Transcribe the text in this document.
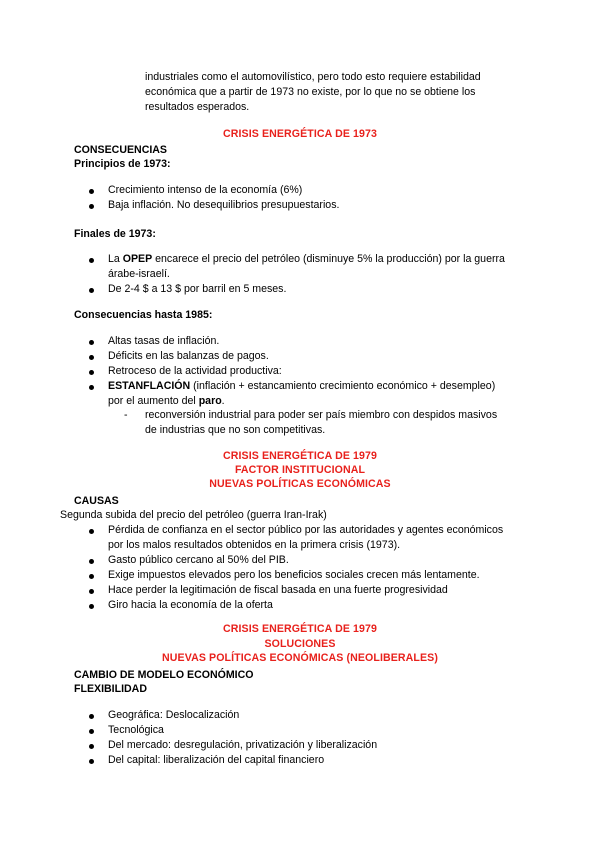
industriales como el automovilístico, pero todo esto requiere estabilidad

económica que a partir de 1973 no existe, por lo que no se obtiene los

resultados esperados.

CRISIS ENERGÉTICA DE 1973
CONSECUENCIAS
Principios de 1973:
Crecimiento intenso de la economía (6%)
Baja inflación. No desequilibrios presupuestarios.
Finales de 1973:
La OPEP encarece el precio del petróleo (disminuye 5% la producción) por la guerra
árabe-israelí.
De 2-4 $ a 13 $ por barril en 5 meses.
Consecuencias hasta 1985:
Altas tasas de inflación.
Déficits en las balanzas de pagos.
Retroceso de la actividad productiva:
ESTANFLACIÓN (inflación + estancamiento crecimiento económico + desempleo)
por el aumento del paro.
- reconversión industrial para poder ser país miembro con despidos masivos
de industrias que no son competitivas.
CRISIS ENERGÉTICA DE 1979
FACTOR INSTITUCIONAL
NUEVAS POLÍTICAS ECONÓMICAS
CAUSAS
Segunda subida del precio del petróleo (guerra Iran-Irak)
Pérdida de confianza en el sector público por las autoridades y agentes económicos
por los malos resultados obtenidos en la primera crisis (1973).
Gasto público cercano al 50% del PIB.
Exige impuestos elevados pero los beneficios sociales crecen más lentamente.
Hace perder la legitimación de fiscal basada en una fuerte progresividad
Giro hacia la economía de la oferta
CRISIS ENERGÉTICA DE 1979
SOLUCIONES
NUEVAS POLÍTICAS ECONÓMICAS (NEOLIBERALES)
CAMBIO DE MODELO ECONÓMICO
FLEXIBILIDAD
Geográfica: Deslocalización
Tecnológica
Del mercado: desregulación, privatización y liberalización
Del capital: liberalización del capital financiero
